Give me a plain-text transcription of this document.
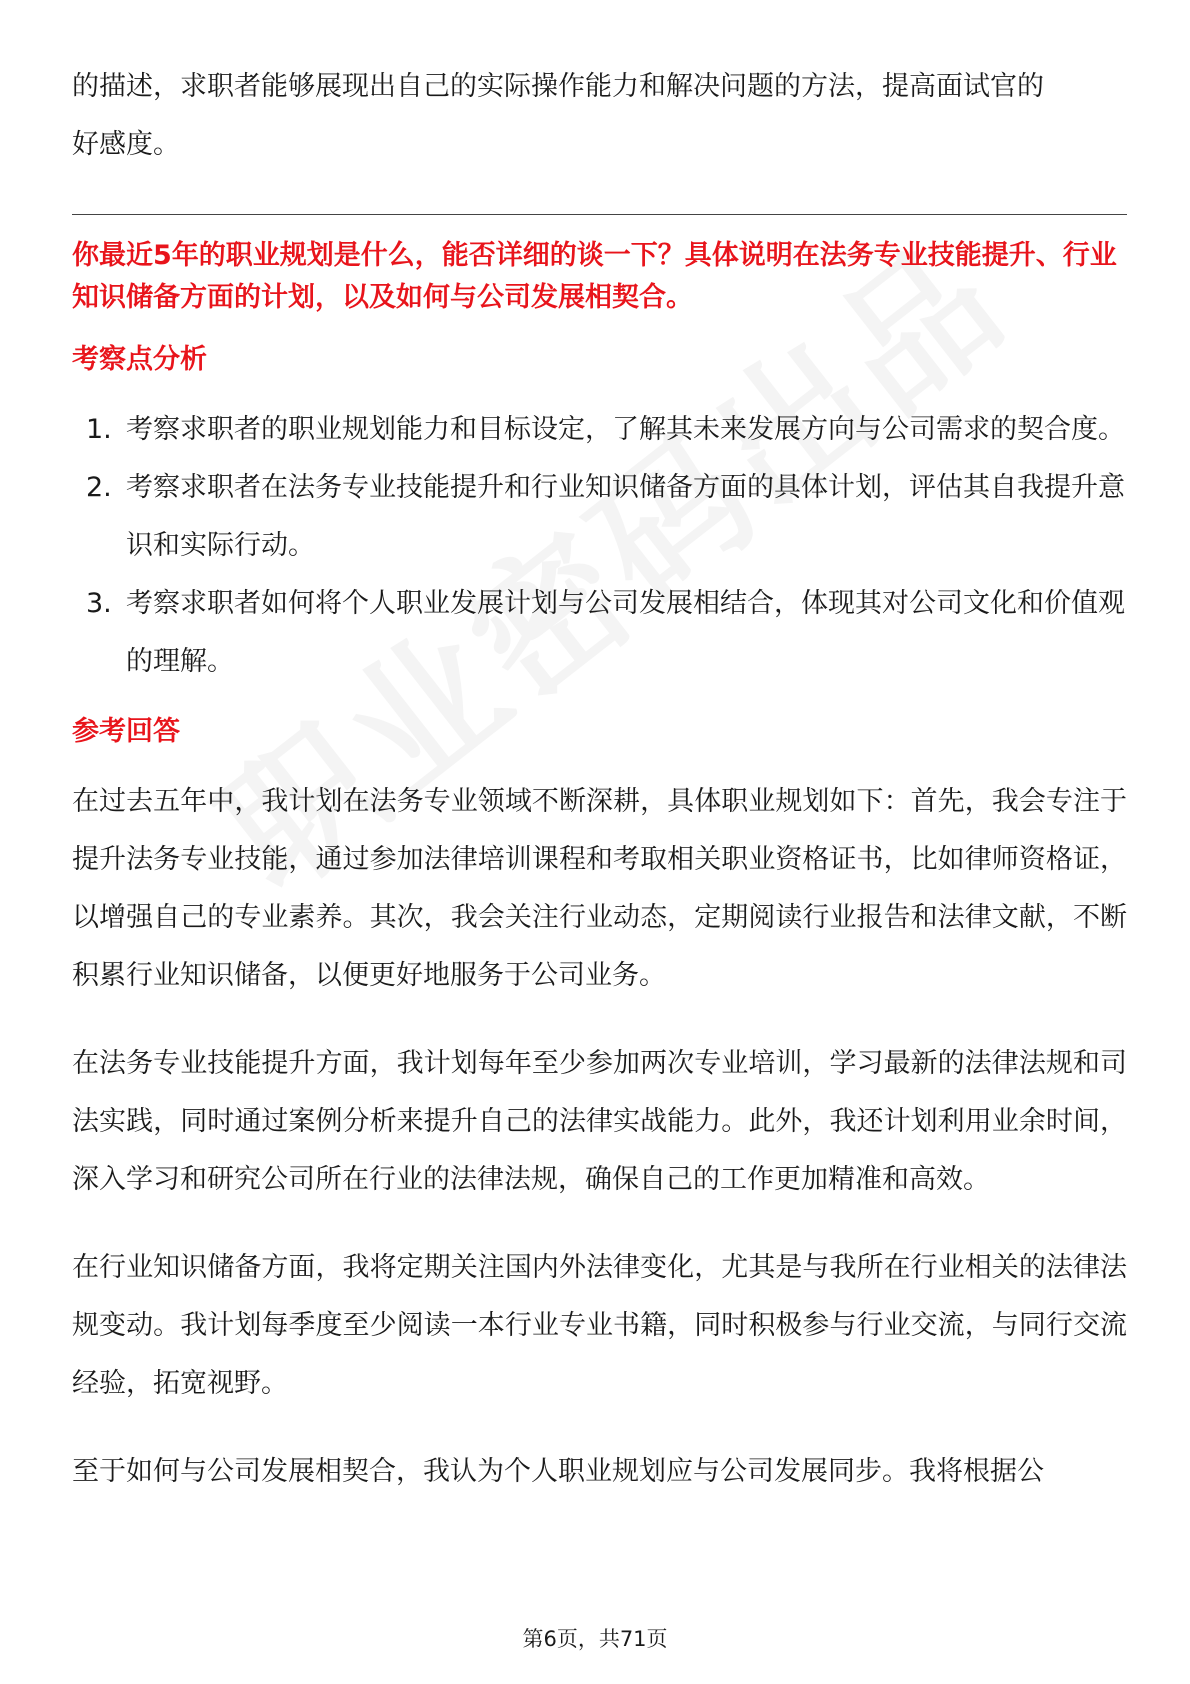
的描述，求职者能够展现出自己的实际操作能力和解决问题的方法，提高面试官的

好感度。

你最近5年的职业规划是什么，能否详细的谈一下？具体说明在法务专业技能提升、行业知识储备方面的计划，以及如何与公司发展相契合。

考察点分析

1. 考察求职者的职业规划能力和目标设定，了解其未来发展方向与公司需求的契合度。
2. 考察求职者在法务专业技能提升和行业知识储备方面的具体计划，评估其自我提升意识和实际行动。
3. 考察求职者如何将个人职业发展计划与公司发展相结合，体现其对公司文化和价值观的理解。

参考回答

在过去五年中，我计划在法务专业领域不断深耕，具体职业规划如下：首先，我会专注于提升法务专业技能，通过参加法律培训课程和考取相关职业资格证书，比如律师资格证，以增强自己的专业素养。其次，我会关注行业动态，定期阅读行业报告和法律文献，不断积累行业知识储备，以便更好地服务于公司业务。

在法务专业技能提升方面，我计划每年至少参加两次专业培训，学习最新的法律法规和司法实践，同时通过案例分析来提升自己的法律实战能力。此外，我还计划利用业余时间，深入学习和研究公司所在行业的法律法规，确保自己的工作更加精准和高效。

在行业知识储备方面，我将定期关注国内外法律变化，尤其是与我所在行业相关的法律法规变动。我计划每季度至少阅读一本行业专业书籍，同时积极参与行业交流，与同行交流经验，拓宽视野。

至于如何与公司发展相契合，我认为个人职业规划应与公司发展同步。我将根据公

第6页，共71页
